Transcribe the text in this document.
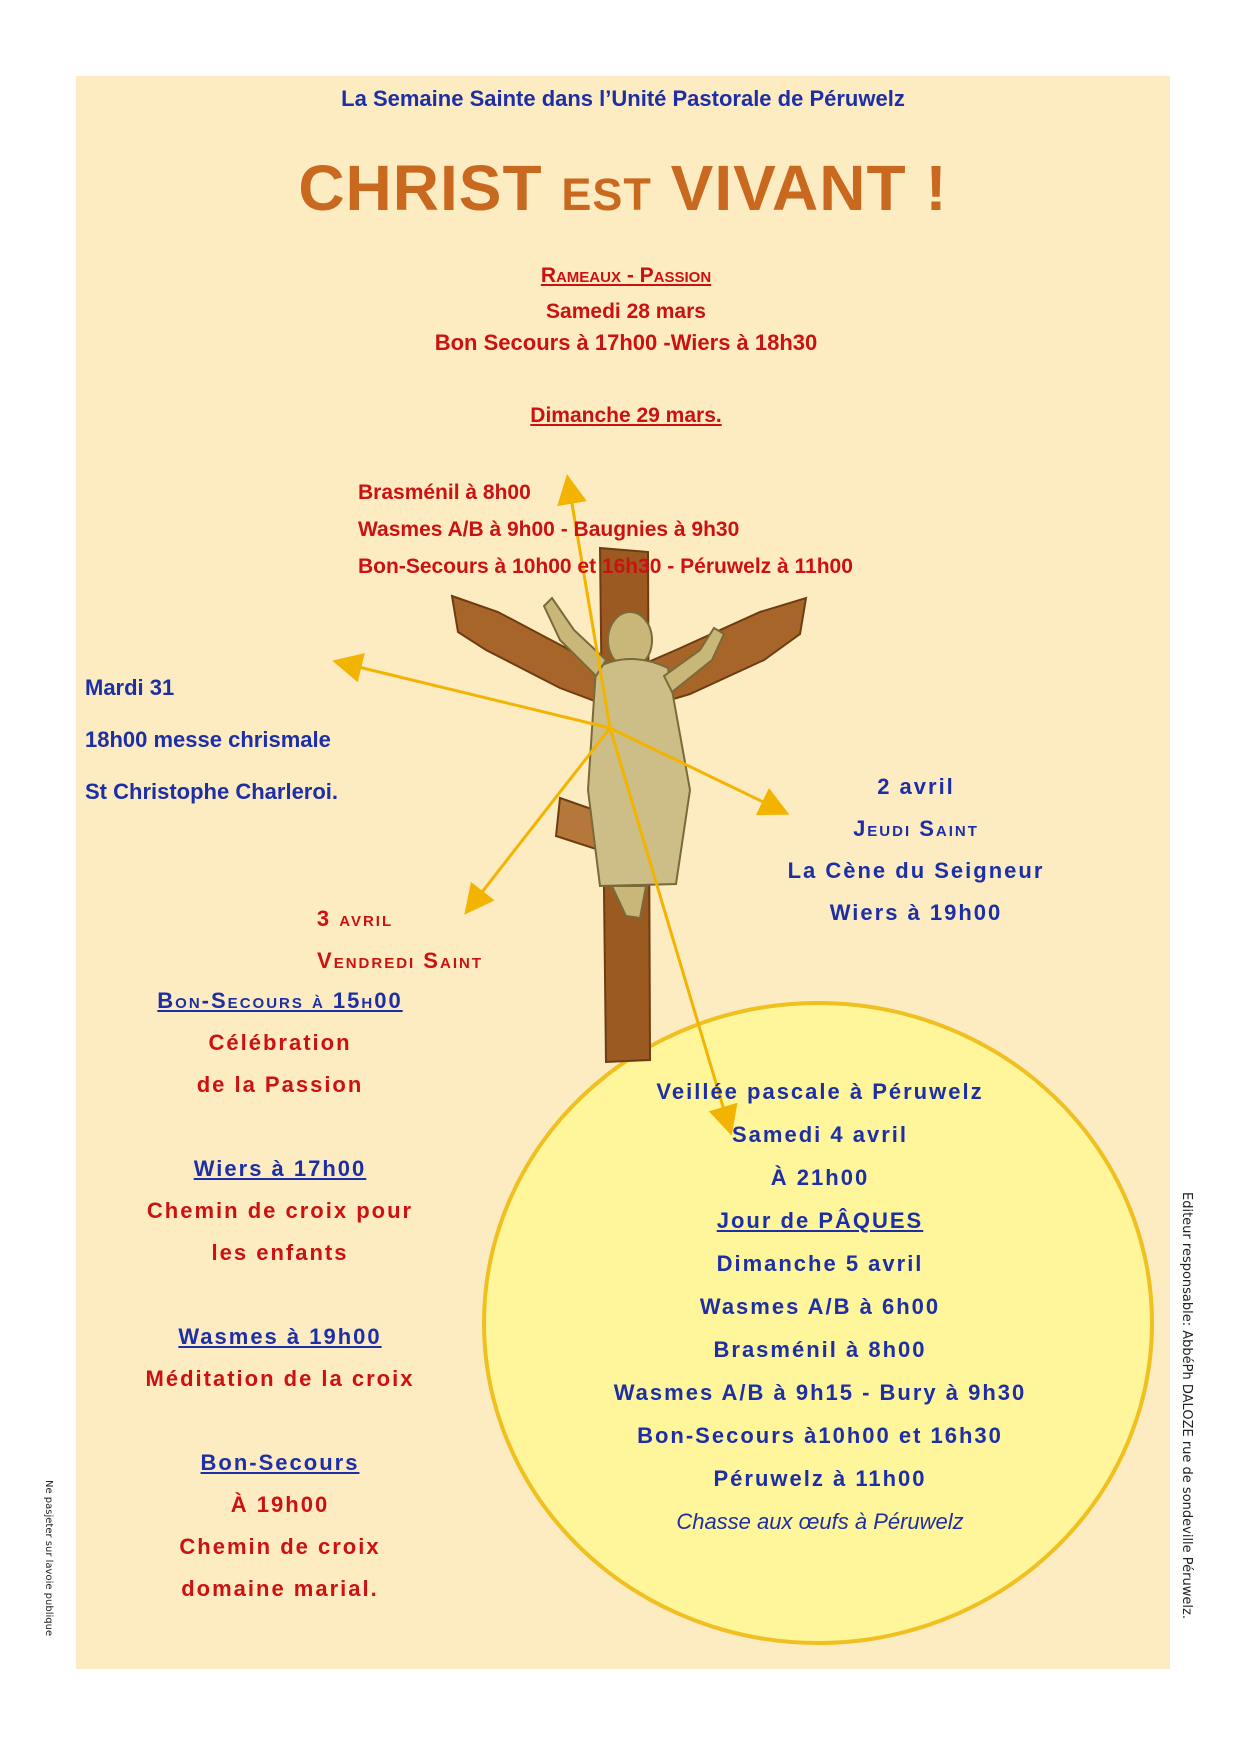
La Semaine Sainte dans l’Unité Pastorale de Péruwelz
CHRIST est VIVANT !
Rameaux - Passion
Samedi 28 mars
Bon Secours à 17h00 -Wiers à 18h30
Dimanche 29 mars.
Brasménil à 8h00
Wasmes A/B à 9h00 - Baugnies à 9h30
Bon-Secours à 10h00 et 16h30 - Péruwelz à 11h00
Mardi 31
18h00 messe chrismale
St Christophe Charleroi.	2 avril
Jeudi Saint
La Cène du Seigneur
Wiers à 19h00
3 avril
Vendredi Saint
Bon-Secours à 15h00
Célébration
de la Passion

Wiers à 17h00
Chemin de croix pour
les enfants

Wasmes à 19h00
Méditation de la croix

Bon-Secours
À 19h00
Chemin de croix
domaine marial.
Veillée pascale à Péruwelz
Samedi 4 avril
À 21h00
Jour de PÂQUES
Dimanche 5 avril
Wasmes A/B à 6h00
Brasménil à 8h00
Wasmes A/B à 9h15 - Bury à 9h30
Bon-Secours à10h00 et 16h30
Péruwelz à 11h00
Chasse aux œufs à Péruwelz	Editeur responsable: AbbéPh DALOZE rue de sondeville Péruwelz.
Ne pasjeter sur lavoie publique
